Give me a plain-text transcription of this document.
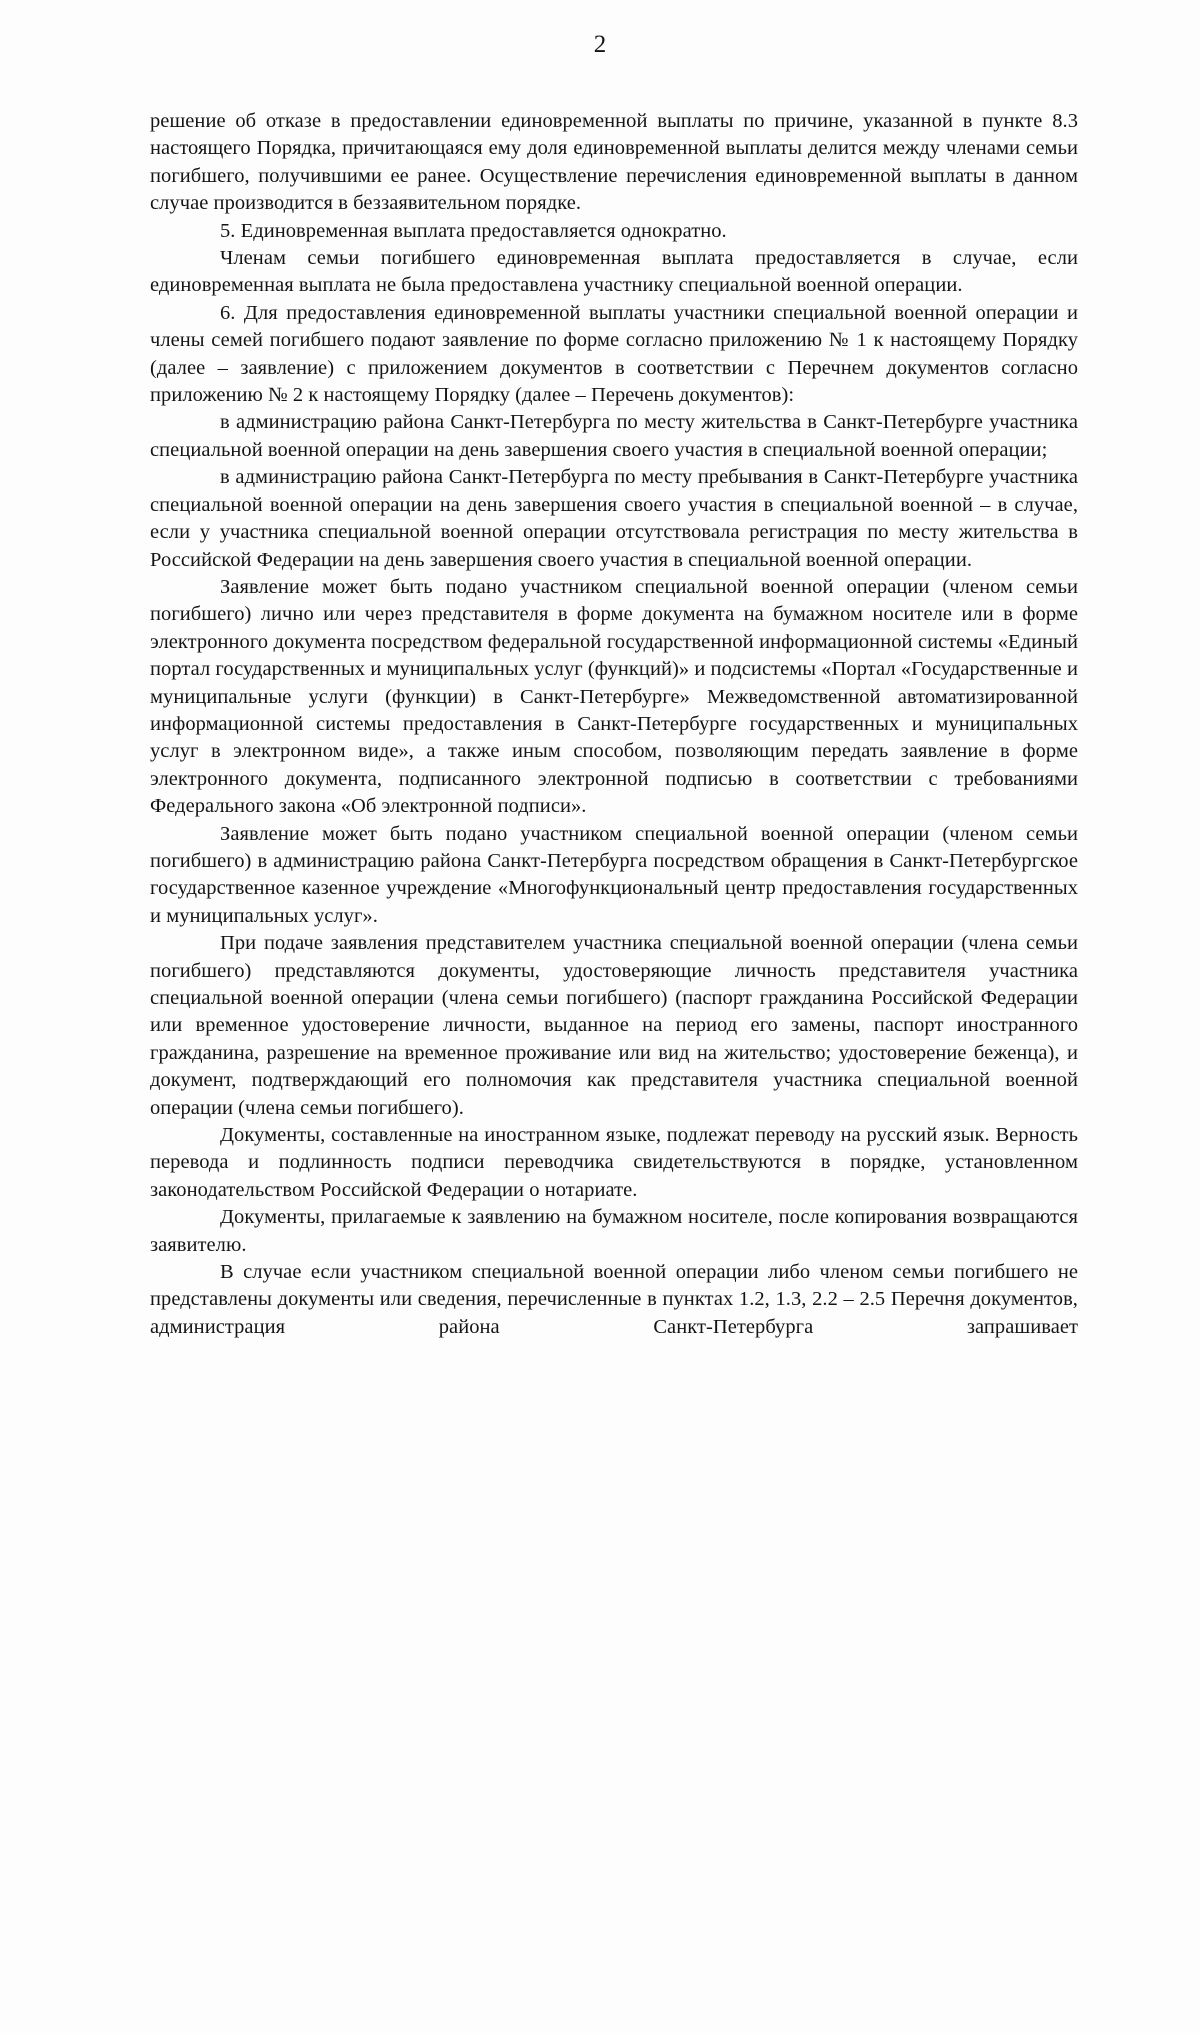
2

решение об отказе в предоставлении единовременной выплаты по причине, указанной в пункте 8.3 настоящего Порядка, причитающаяся ему доля единовременной выплаты делится между членами семьи погибшего, получившими ее ранее. Осуществление перечисления единовременной выплаты в данном случае производится в беззаявительном порядке.

5. Единовременная выплата предоставляется однократно.

Членам семьи погибшего единовременная выплата предоставляется в случае, если единовременная выплата не была предоставлена участнику специальной военной операции.

6. Для предоставления единовременной выплаты участники специальной военной операции и члены семей погибшего подают заявление по форме согласно приложению № 1 к настоящему Порядку (далее – заявление) с приложением документов в соответствии с Перечнем документов согласно приложению № 2 к настоящему Порядку (далее – Перечень документов):

в администрацию района Санкт-Петербурга по месту жительства в Санкт-Петербурге участника специальной военной операции на день завершения своего участия в специальной военной операции;

в администрацию района Санкт-Петербурга по месту пребывания в Санкт-Петербурге участника специальной военной операции на день завершения своего участия в специальной военной – в случае, если у участника специальной военной операции отсутствовала регистрация по месту жительства в Российской Федерации на день завершения своего участия в специальной военной операции.

Заявление может быть подано участником специальной военной операции (членом семьи погибшего) лично или через представителя в форме документа на бумажном носителе или в форме электронного документа посредством федеральной государственной информационной системы «Единый портал государственных и муниципальных услуг (функций)» и подсистемы «Портал «Государственные и муниципальные услуги (функции) в Санкт-Петербурге» Межведомственной автоматизированной информационной системы предоставления в Санкт-Петербурге государственных и муниципальных услуг в электронном виде», а также иным способом, позволяющим передать заявление в форме электронного документа, подписанного электронной подписью в соответствии с требованиями Федерального закона «Об электронной подписи».

Заявление может быть подано участником специальной военной операции (членом семьи погибшего) в администрацию района Санкт-Петербурга посредством обращения в Санкт-Петербургское государственное казенное учреждение «Многофункциональный центр предоставления государственных и муниципальных услуг».

При подаче заявления представителем участника специальной военной операции (члена семьи погибшего) представляются документы, удостоверяющие личность представителя участника специальной военной операции (члена семьи погибшего) (паспорт гражданина Российской Федерации или временное удостоверение личности, выданное на период его замены, паспорт иностранного гражданина, разрешение на временное проживание или вид на жительство; удостоверение беженца), и документ, подтверждающий его полномочия как представителя участника специальной военной операции (члена семьи погибшего).

Документы, составленные на иностранном языке, подлежат переводу на русский язык. Верность перевода и подлинность подписи переводчика свидетельствуются в порядке, установленном законодательством Российской Федерации о нотариате.

Документы, прилагаемые к заявлению на бумажном носителе, после копирования возвращаются заявителю.

В случае если участником специальной военной операции либо членом семьи погибшего не представлены документы или сведения, перечисленные в пунктах 1.2, 1.3, 2.2 – 2.5 Перечня документов, администрация района Санкт-Петербурга запрашивает
